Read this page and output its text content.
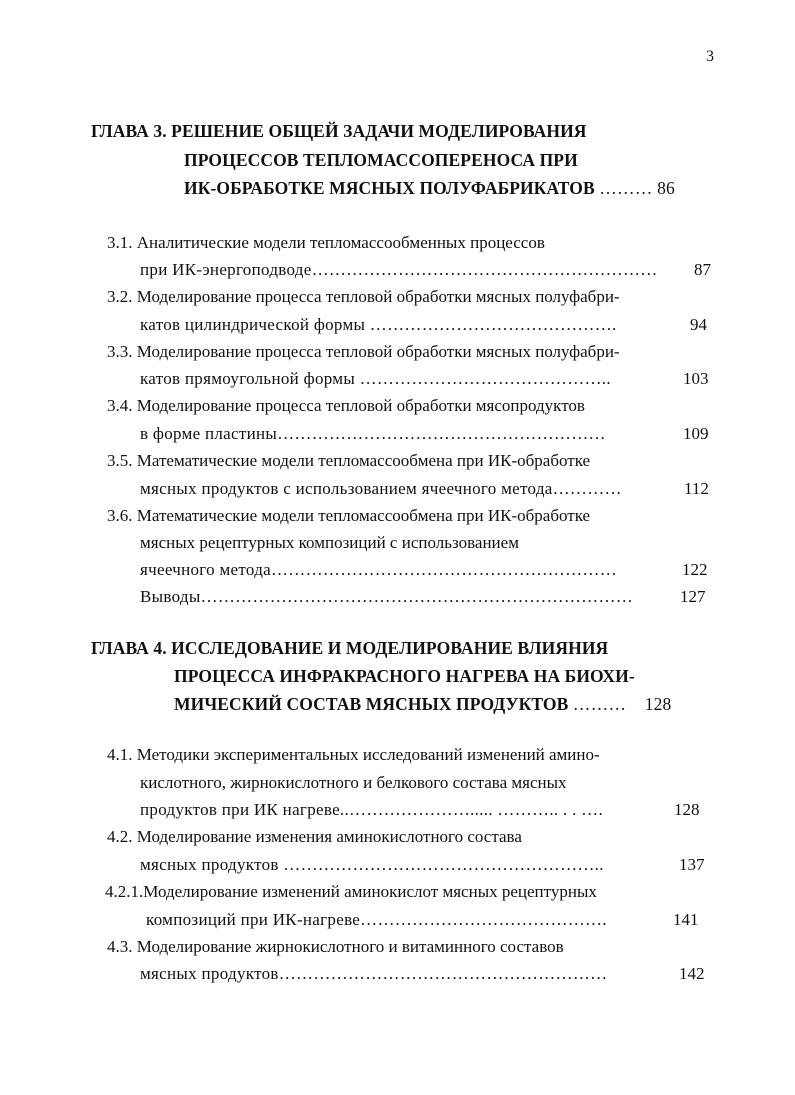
3
ГЛАВА 3. РЕШЕНИЕ ОБЩЕЙ ЗАДАЧИ МОДЕЛИРОВАНИЯ
ПРОЦЕССОВ ТЕПЛОМАССОПЕРЕНОСА ПРИ
ИК-ОБРАБОТКЕ МЯСНЫХ ПОЛУФАБРИКАТОВ ……… 86
3.1. Аналитические модели тепломассообменных процессов
при ИК-энергоподводе…………………………………………………… 87
3.2. Моделирование процесса тепловой обработки мясных полуфабри-
катов цилиндрической формы …………………………………….	94
3.3. Моделирование процесса тепловой обработки мясных полуфабри-
катов прямоугольной формы ……………………………………..	103
3.4. Моделирование процесса тепловой обработки мясопродуктов
в форме пластины…………………………………………………	109
3.5. Математические модели тепломассообмена при ИК-обработке
мясных продуктов с использованием ячеечного метода…………	112
3.6. Математические модели тепломассообмена при ИК-обработке
мясных рецептурных композиций с использованием
ячеечного метода……………………………………………………	122
Выводы…………………………………………………………………	127
ГЛАВА 4. ИССЛЕДОВАНИЕ И МОДЕЛИРОВАНИЕ ВЛИЯНИЯ
ПРОЦЕССА ИНФРАКРАСНОГО НАГРЕВА НА БИОХИ-
МИЧЕСКИЙ СОСТАВ МЯСНЫХ ПРОДУКТОВ ……… 128
4.1. Методики экспериментальных исследований изменений амино-
кислотного, жирнокислотного и белкового состава мясных
продуктов при ИК нагреве..…………………..... ……….. . . ….	128
4.2. Моделирование изменения аминокислотного состава
мясных продуктов ………………………………………………..	137
4.2.1.Моделирование изменений аминокислот мясных рецептурных
композиций при ИК-нагреве…………………………………….	141
4.3. Моделирование жирнокислотного и витаминного составов
мясных продуктов…………………………………………………	142
